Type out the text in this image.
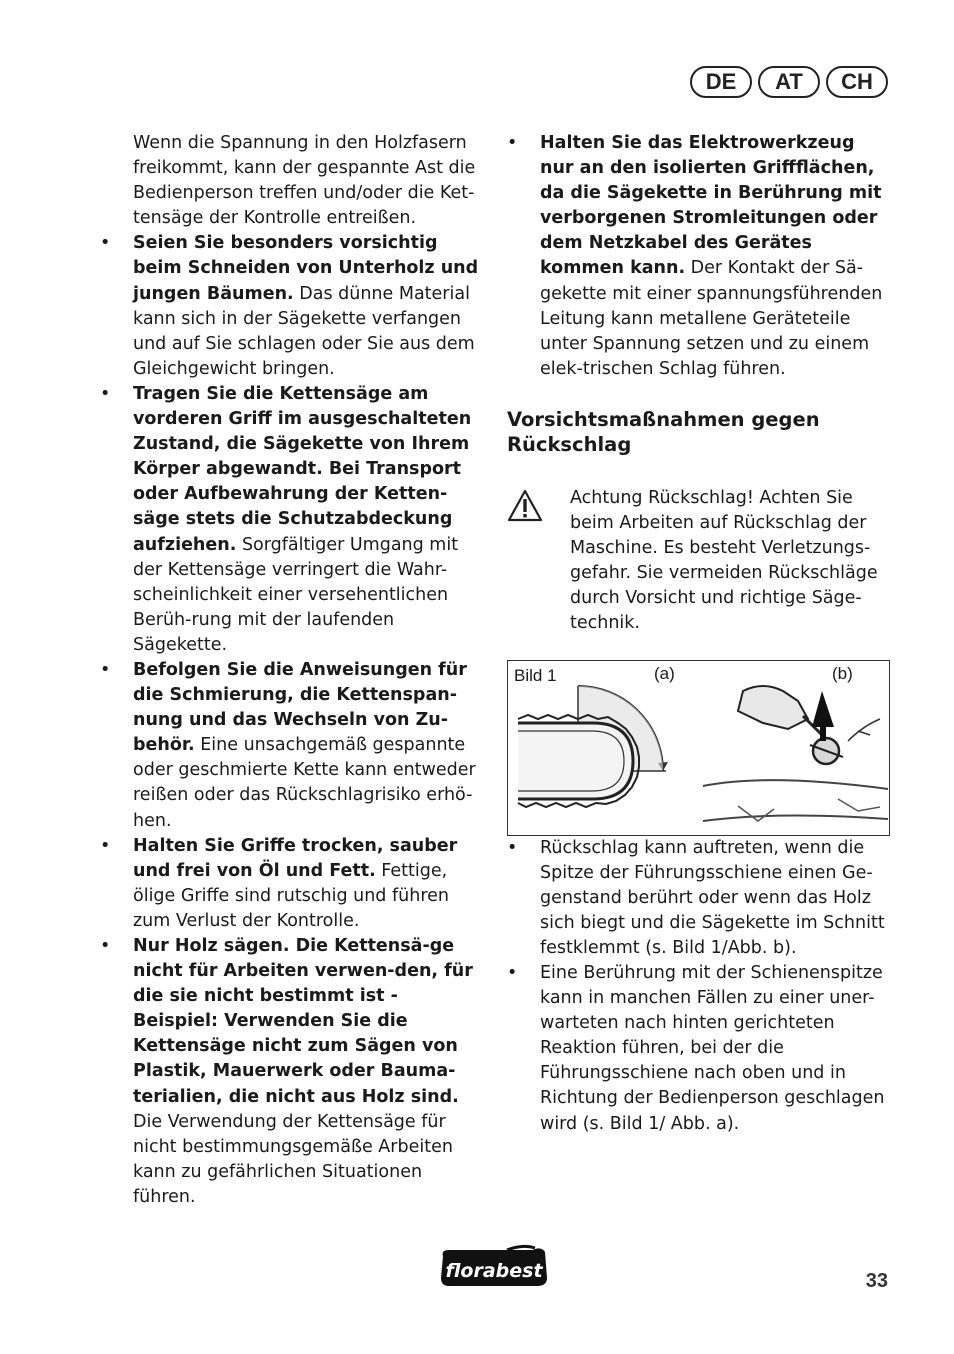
DE	AT	CH

Wenn die Spannung in den Holzfasern freikommt, kann der gespannte Ast die Bedienperson treffen und/oder die Ket-tensäge der Kontrolle entreißen.

• Seien Sie besonders vorsichtig beim Schneiden von Unterholz und jungen Bäumen. Das dünne Material kann sich in der Sägekette verfangen und auf Sie schlagen oder Sie aus dem Gleichgewicht bringen.
• Tragen Sie die Kettensäge am vorderen Griff im ausgeschalteten Zustand, die Sägekette von Ihrem Körper abgewandt. Bei Transport oder Aufbewahrung der Ketten-säge stets die Schutzabdeckung aufziehen. Sorgfältiger Umgang mit der Kettensäge verringert die Wahr-scheinlichkeit einer versehentlichen Berüh-rung mit der laufenden Sägekette.
• Befolgen Sie die Anweisungen für die Schmierung, die Kettenspan-nung und das Wechseln von Zu-behör. Eine unsachgemäß gespannte oder geschmierte Kette kann entweder reißen oder das Rückschlagrisiko erhö-hen.
• Halten Sie Griffe trocken, sauber und frei von Öl und Fett. Fettige, ölige Griffe sind rutschig und führen zum Verlust der Kontrolle.
• Nur Holz sägen. Die Kettensä-ge nicht für Arbeiten verwen-den, für die sie nicht bestimmt ist - Beispiel: Verwenden Sie die Kettensäge nicht zum Sägen von Plastik, Mauerwerk oder Bauma-terialien, die nicht aus Holz sind. Die Verwendung der Kettensäge für nicht bestimmungsgemäße Arbeiten kann zu gefährlichen Situationen führen.
• Halten Sie das Elektrowerkzeug nur an den isolierten Griffflächen, da die Sägekette in Berührung mit verborgenen Stromleitungen oder dem Netzkabel des Gerätes kommen kann. Der Kontakt der Sä-gekette mit einer spannungsführenden Leitung kann metallene Geräteteile unter Spannung setzen und zu einem elek-trischen Schlag führen.
Vorsichtsmaßnahmen gegen Rückschlag
Achtung Rückschlag! Achten Sie beim Arbeiten auf Rückschlag der Maschine. Es besteht Verletzungs-gefahr. Sie vermeiden Rückschläge durch Vorsicht und richtige Säge-technik.
Bild 1	(a)	(b)
• Rückschlag kann auftreten, wenn die Spitze der Führungsschiene einen Ge-genstand berührt oder wenn das Holz sich biegt und die Sägekette im Schnitt festklemmt (s. Bild 1/Abb. b).
• Eine Berührung mit der Schienenspitze kann in manchen Fällen zu einer uner-warteten nach hinten gerichteten Reaktion führen, bei der die Führungsschiene nach oben und in Richtung der Bedienperson geschlagen wird (s. Bild 1/ Abb. a).
florabest	33
